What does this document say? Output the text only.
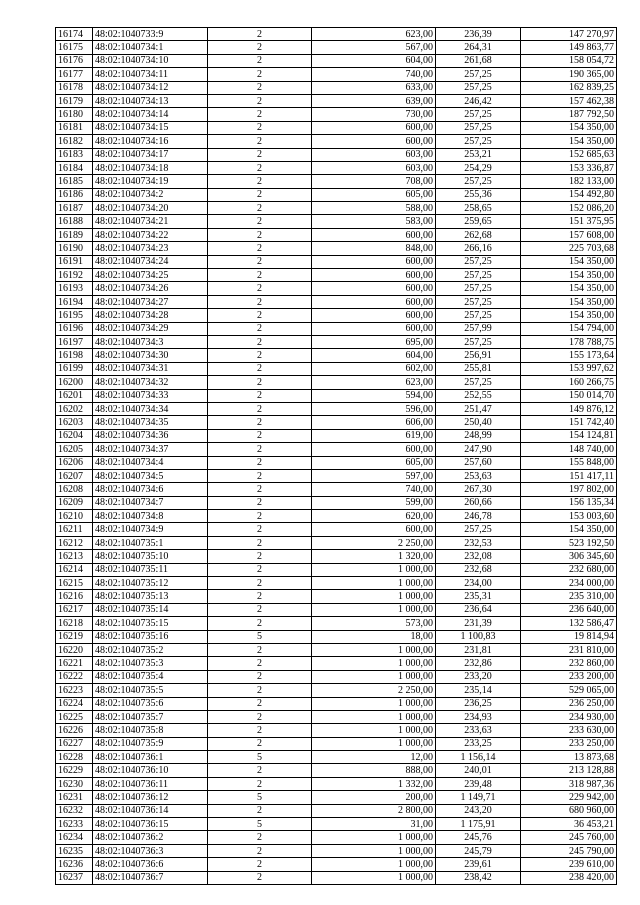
16174	48:02:1040733:9	2	623,00	236,39	147 270,97
16175	48:02:1040734:1	2	567,00	264,31	149 863,77
16176	48:02:1040734:10	2	604,00	261,68	158 054,72
16177	48:02:1040734:11	2	740,00	257,25	190 365,00
16178	48:02:1040734:12	2	633,00	257,25	162 839,25
16179	48:02:1040734:13	2	639,00	246,42	157 462,38
16180	48:02:1040734:14	2	730,00	257,25	187 792,50
16181	48:02:1040734:15	2	600,00	257,25	154 350,00
16182	48:02:1040734:16	2	600,00	257,25	154 350,00
16183	48:02:1040734:17	2	603,00	253,21	152 685,63
16184	48:02:1040734:18	2	603,00	254,29	153 336,87
16185	48:02:1040734:19	2	708,00	257,25	182 133,00
16186	48:02:1040734:2	2	605,00	255,36	154 492,80
16187	48:02:1040734:20	2	588,00	258,65	152 086,20
16188	48:02:1040734:21	2	583,00	259,65	151 375,95
16189	48:02:1040734:22	2	600,00	262,68	157 608,00
16190	48:02:1040734:23	2	848,00	266,16	225 703,68
16191	48:02:1040734:24	2	600,00	257,25	154 350,00
16192	48:02:1040734:25	2	600,00	257,25	154 350,00
16193	48:02:1040734:26	2	600,00	257,25	154 350,00
16194	48:02:1040734:27	2	600,00	257,25	154 350,00
16195	48:02:1040734:28	2	600,00	257,25	154 350,00
16196	48:02:1040734:29	2	600,00	257,99	154 794,00
16197	48:02:1040734:3	2	695,00	257,25	178 788,75
16198	48:02:1040734:30	2	604,00	256,91	155 173,64
16199	48:02:1040734:31	2	602,00	255,81	153 997,62
16200	48:02:1040734:32	2	623,00	257,25	160 266,75
16201	48:02:1040734:33	2	594,00	252,55	150 014,70
16202	48:02:1040734:34	2	596,00	251,47	149 876,12
16203	48:02:1040734:35	2	606,00	250,40	151 742,40
16204	48:02:1040734:36	2	619,00	248,99	154 124,81
16205	48:02:1040734:37	2	600,00	247,90	148 740,00
16206	48:02:1040734:4	2	605,00	257,60	155 848,00
16207	48:02:1040734:5	2	597,00	253,63	151 417,11
16208	48:02:1040734:6	2	740,00	267,30	197 802,00
16209	48:02:1040734:7	2	599,00	260,66	156 135,34
16210	48:02:1040734:8	2	620,00	246,78	153 003,60
16211	48:02:1040734:9	2	600,00	257,25	154 350,00
16212	48:02:1040735:1	2	2 250,00	232,53	523 192,50
16213	48:02:1040735:10	2	1 320,00	232,08	306 345,60
16214	48:02:1040735:11	2	1 000,00	232,68	232 680,00
16215	48:02:1040735:12	2	1 000,00	234,00	234 000,00
16216	48:02:1040735:13	2	1 000,00	235,31	235 310,00
16217	48:02:1040735:14	2	1 000,00	236,64	236 640,00
16218	48:02:1040735:15	2	573,00	231,39	132 586,47
16219	48:02:1040735:16	5	18,00	1 100,83	19 814,94
16220	48:02:1040735:2	2	1 000,00	231,81	231 810,00
16221	48:02:1040735:3	2	1 000,00	232,86	232 860,00
16222	48:02:1040735:4	2	1 000,00	233,20	233 200,00
16223	48:02:1040735:5	2	2 250,00	235,14	529 065,00
16224	48:02:1040735:6	2	1 000,00	236,25	236 250,00
16225	48:02:1040735:7	2	1 000,00	234,93	234 930,00
16226	48:02:1040735:8	2	1 000,00	233,63	233 630,00
16227	48:02:1040735:9	2	1 000,00	233,25	233 250,00
16228	48:02:1040736:1	5	12,00	1 156,14	13 873,68
16229	48:02:1040736:10	2	888,00	240,01	213 128,88
16230	48:02:1040736:11	2	1 332,00	239,48	318 987,36
16231	48:02:1040736:12	5	200,00	1 149,71	229 942,00
16232	48:02:1040736:14	2	2 800,00	243,20	680 960,00
16233	48:02:1040736:15	5	31,00	1 175,91	36 453,21
16234	48:02:1040736:2	2	1 000,00	245,76	245 760,00
16235	48:02:1040736:3	2	1 000,00	245,79	245 790,00
16236	48:02:1040736:6	2	1 000,00	239,61	239 610,00
16237	48:02:1040736:7	2	1 000,00	238,42	238 420,00
